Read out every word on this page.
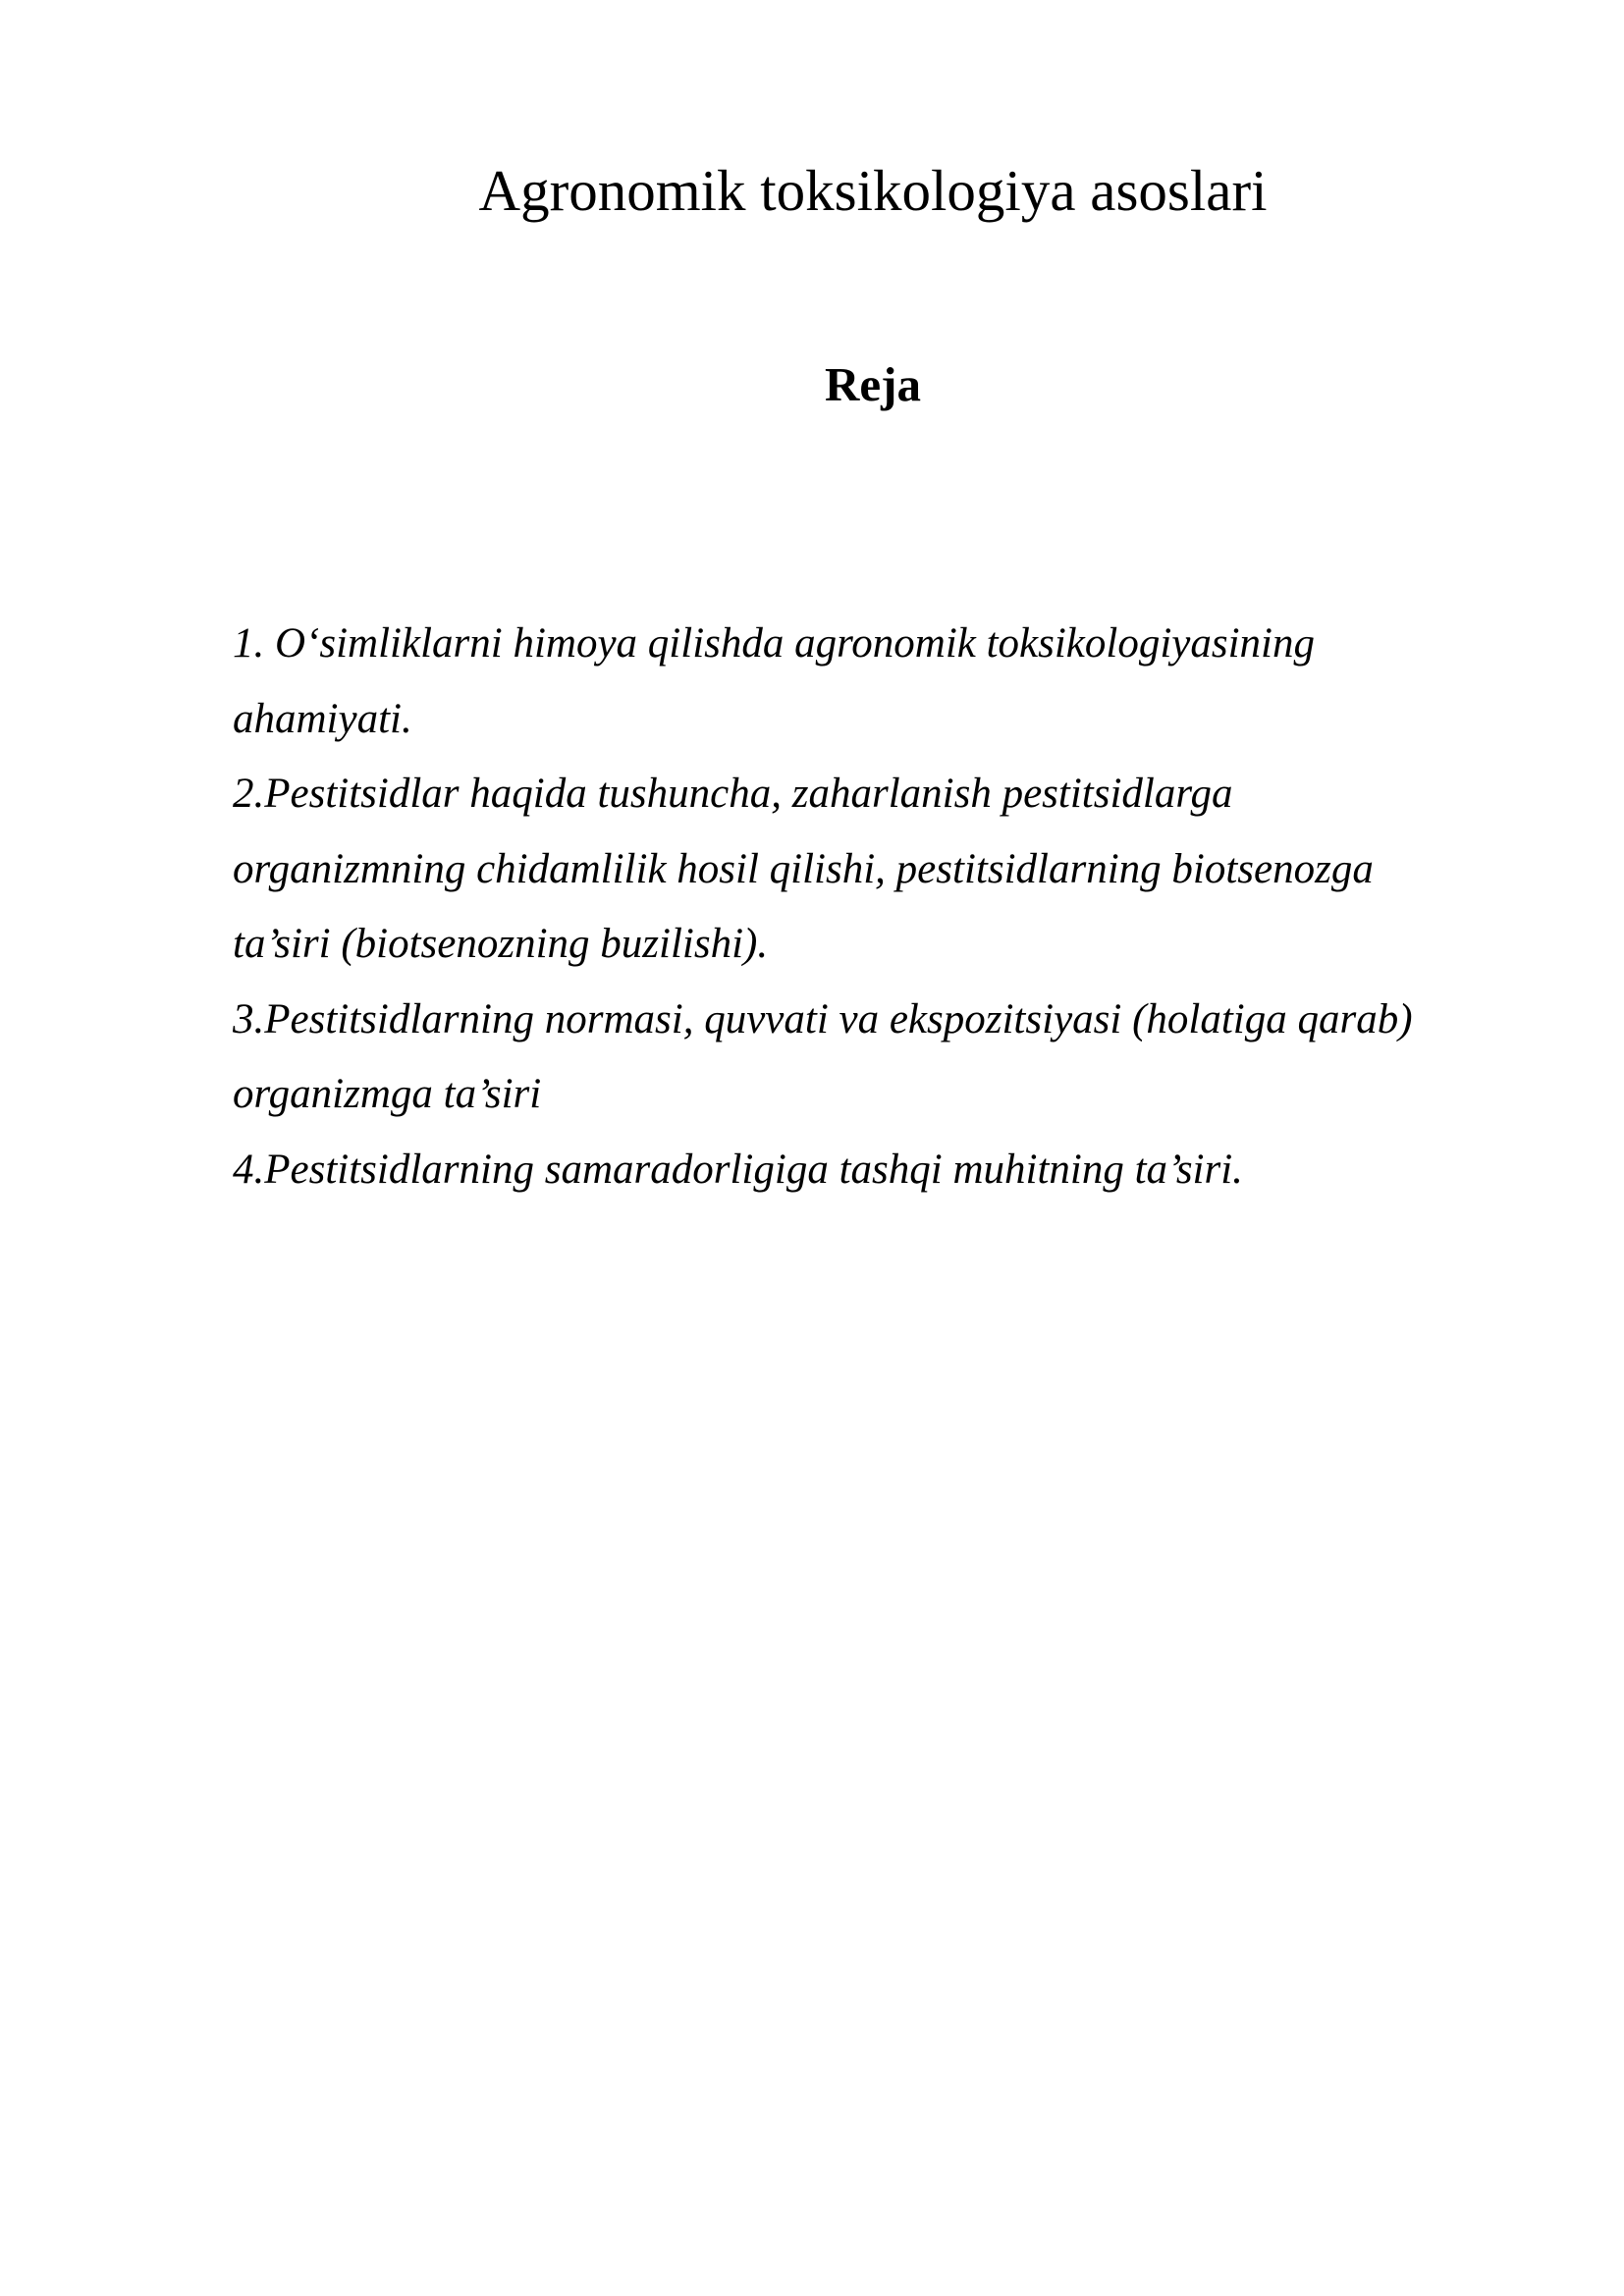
Agronomik toksikologiya asoslari
Reja
1. O‘simliklarni himoya qilishda agronomik toksikologiyasining
ahamiyati.
2.Pestitsidlar haqida tushuncha, zaharlanish pestitsidlarga
organizmning chidamlilik hosil qilishi, pestitsidlarning biotsenozga
ta’siri (biotsenozning buzilishi).
3.Pestitsidlarning normasi, quvvati va ekspozitsiyasi (holatiga qarab)
organizmga ta’siri
4.Pestitsidlarning samaradorligiga tashqi muhitning ta’siri.
